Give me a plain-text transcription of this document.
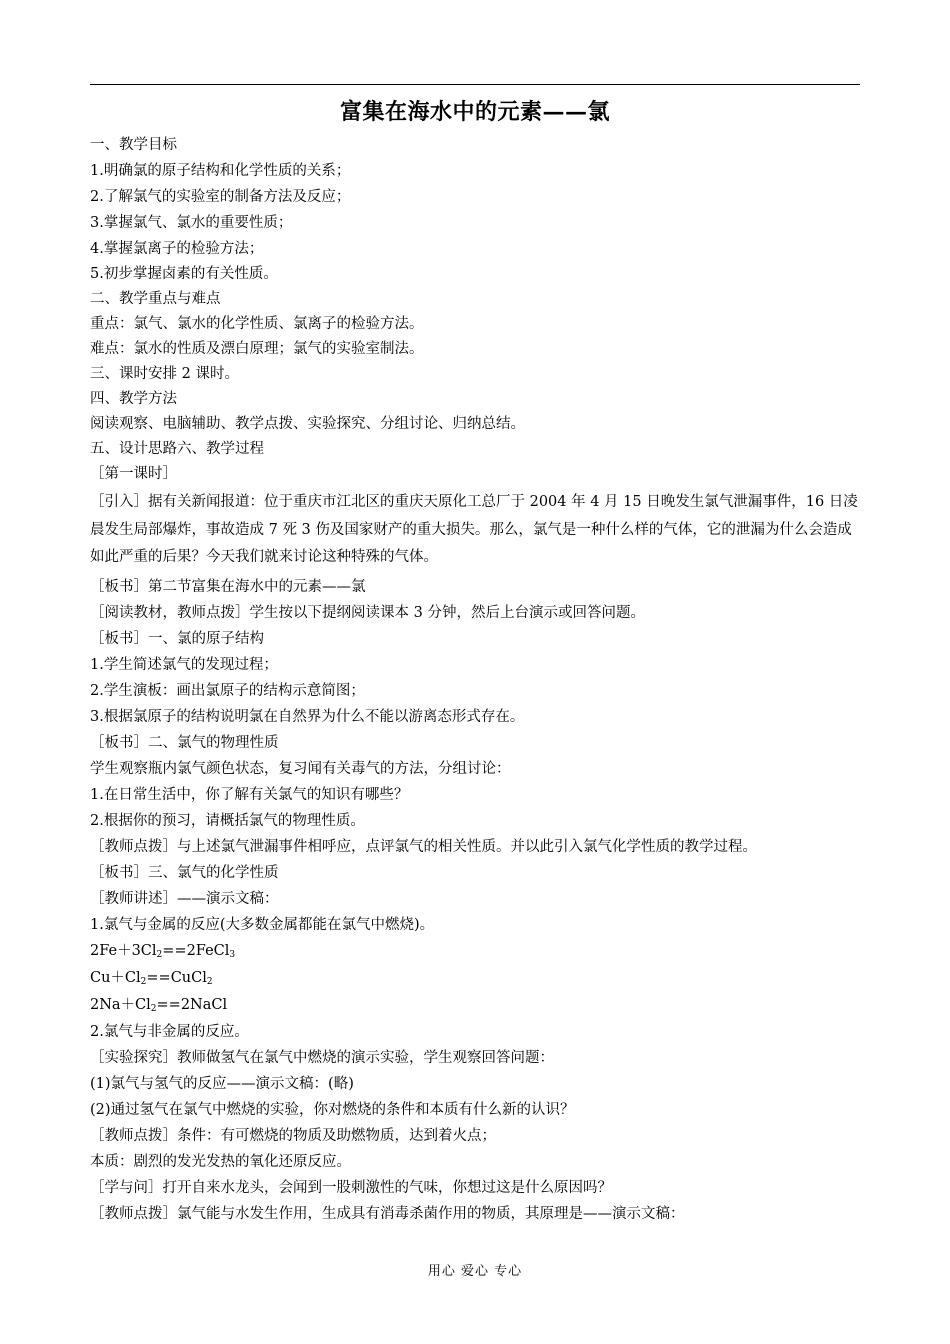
富集在海水中的元素——氯
一、教学目标
1.明确氯的原子结构和化学性质的关系；
2.了解氯气的实验室的制备方法及反应；
3.掌握氯气、氯水的重要性质；
4.掌握氯离子的检验方法；
5.初步掌握卤素的有关性质。
二、教学重点与难点
重点：氯气、氯水的化学性质、氯离子的检验方法。
难点：氯水的性质及漂白原理；氯气的实验室制法。
三、课时安排 2 课时。
四、教学方法
阅读观察、电脑辅助、教学点拨、实验探究、分组讨论、归纳总结。
五、设计思路六、教学过程
［第一课时］
［引入］据有关新闻报道：位于重庆市江北区的重庆天原化工总厂于 2004 年 4 月 15 日晚发生氯气泄漏事件，16 日凌晨发生局部爆炸，事故造成 7 死 3 伤及国家财产的重大损失。那么，氯气是一种什么样的气体，它的泄漏为什么会造成如此严重的后果？今天我们就来讨论这种特殊的气体。
［板书］第二节富集在海水中的元素——氯
［阅读教材，教师点拨］学生按以下提纲阅读课本 3 分钟，然后上台演示或回答问题。
［板书］一、氯的原子结构
1.学生简述氯气的发现过程；
2.学生演板：画出氯原子的结构示意简图；
3.根据氯原子的结构说明氯在自然界为什么不能以游离态形式存在。
［板书］二、氯气的物理性质
学生观察瓶内氯气颜色状态，复习闻有关毒气的方法，分组讨论：
1.在日常生活中，你了解有关氯气的知识有哪些？
2.根据你的预习，请概括氯气的物理性质。
［教师点拨］与上述氯气泄漏事件相呼应，点评氯气的相关性质。并以此引入氯气化学性质的教学过程。
［板书］三、氯气的化学性质
［教师讲述］——演示文稿：
1.氯气与金属的反应(大多数金属都能在氯气中燃烧)。
$2Fe+3Cl_2==2FeCl_3$
$Cu+Cl_2==CuCl_2$
$2Na+Cl_2==2NaCl$
2.氯气与非金属的反应。
［实验探究］教师做氢气在氯气中燃烧的演示实验，学生观察回答问题：
(1)氯气与氢气的反应——演示文稿：(略)
(2)通过氢气在氯气中燃烧的实验，你对燃烧的条件和本质有什么新的认识？
［教师点拨］条件：有可燃烧的物质及助燃物质，达到着火点；
本质：剧烈的发光发热的氧化还原反应。
［学与问］打开自来水龙头，会闻到一股刺激性的气味，你想过这是什么原因吗？
［教师点拨］氯气能与水发生作用，生成具有消毒杀菌作用的物质，其原理是——演示文稿：
用心 爱心 专心
